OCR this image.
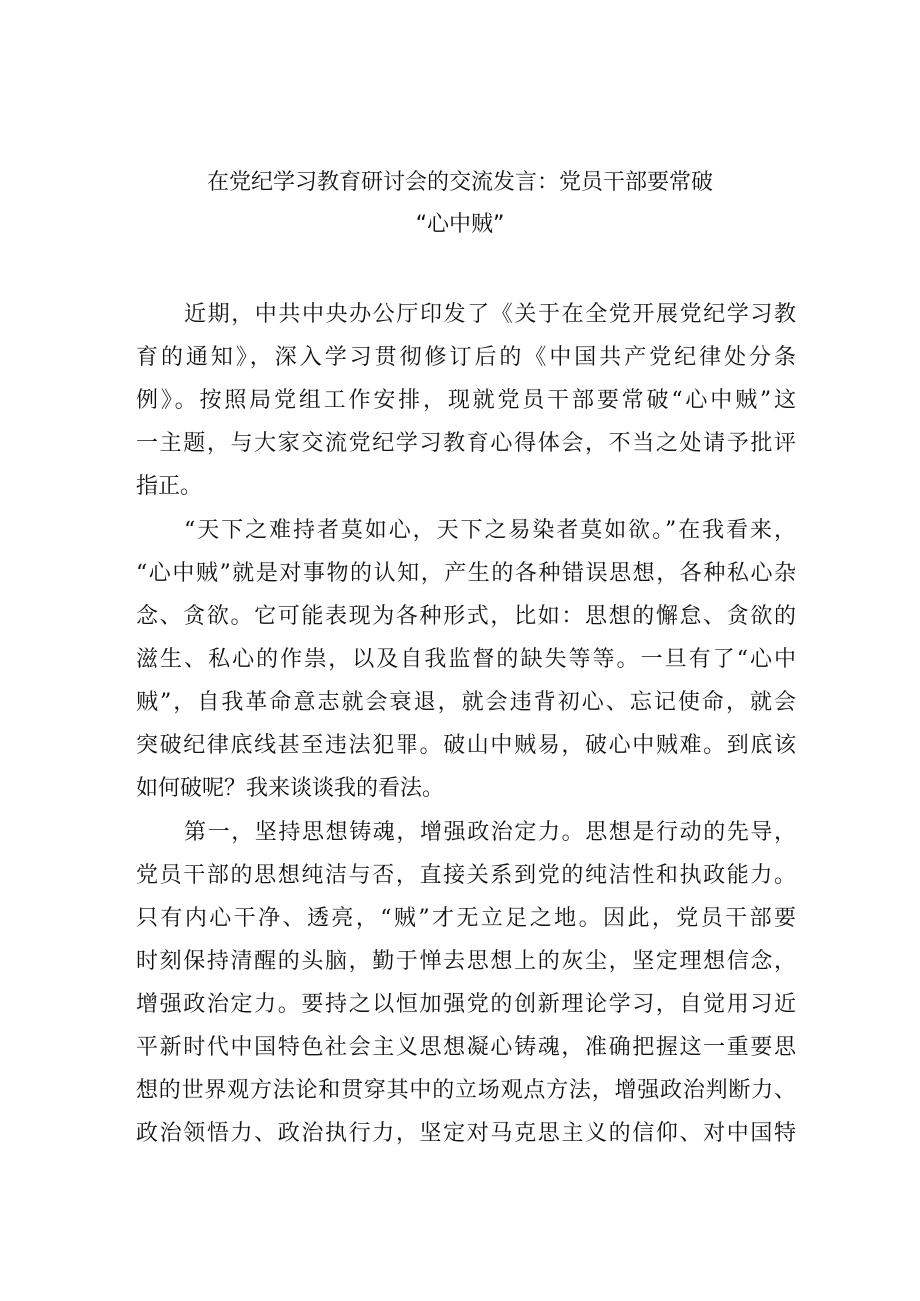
在党纪学习教育研讨会的交流发言：党员干部要常破
“心中贼”
近期，中共中央办公厅印发了《关于在全党开展党纪学习教
育的通知》，深入学习贯彻修订后的《中国共产党纪律处分条
例》。按照局党组工作安排，现就党员干部要常破“心中贼”这
一主题，与大家交流党纪学习教育心得体会，不当之处请予批评
指正。
“天下之难持者莫如心，天下之易染者莫如欲。”在我看来，
“心中贼”就是对事物的认知，产生的各种错误思想，各种私心杂
念、贪欲。它可能表现为各种形式，比如：思想的懈怠、贪欲的
滋生、私心的作祟，以及自我监督的缺失等等。一旦有了“心中
贼”，自我革命意志就会衰退，就会违背初心、忘记使命，就会
突破纪律底线甚至违法犯罪。破山中贼易，破心中贼难。到底该
如何破呢？我来谈谈我的看法。
第一，坚持思想铸魂，增强政治定力。思想是行动的先导，
党员干部的思想纯洁与否，直接关系到党的纯洁性和执政能力。
只有内心干净、透亮，“贼”才无立足之地。因此，党员干部要
时刻保持清醒的头脑，勤于惮去思想上的灰尘，坚定理想信念，
增强政治定力。要持之以恒加强党的创新理论学习，自觉用习近
平新时代中国特色社会主义思想凝心铸魂，准确把握这一重要思
想的世界观方法论和贯穿其中的立场观点方法，增强政治判断力、
政治领悟力、政治执行力，坚定对马克思主义的信仰、对中国特
